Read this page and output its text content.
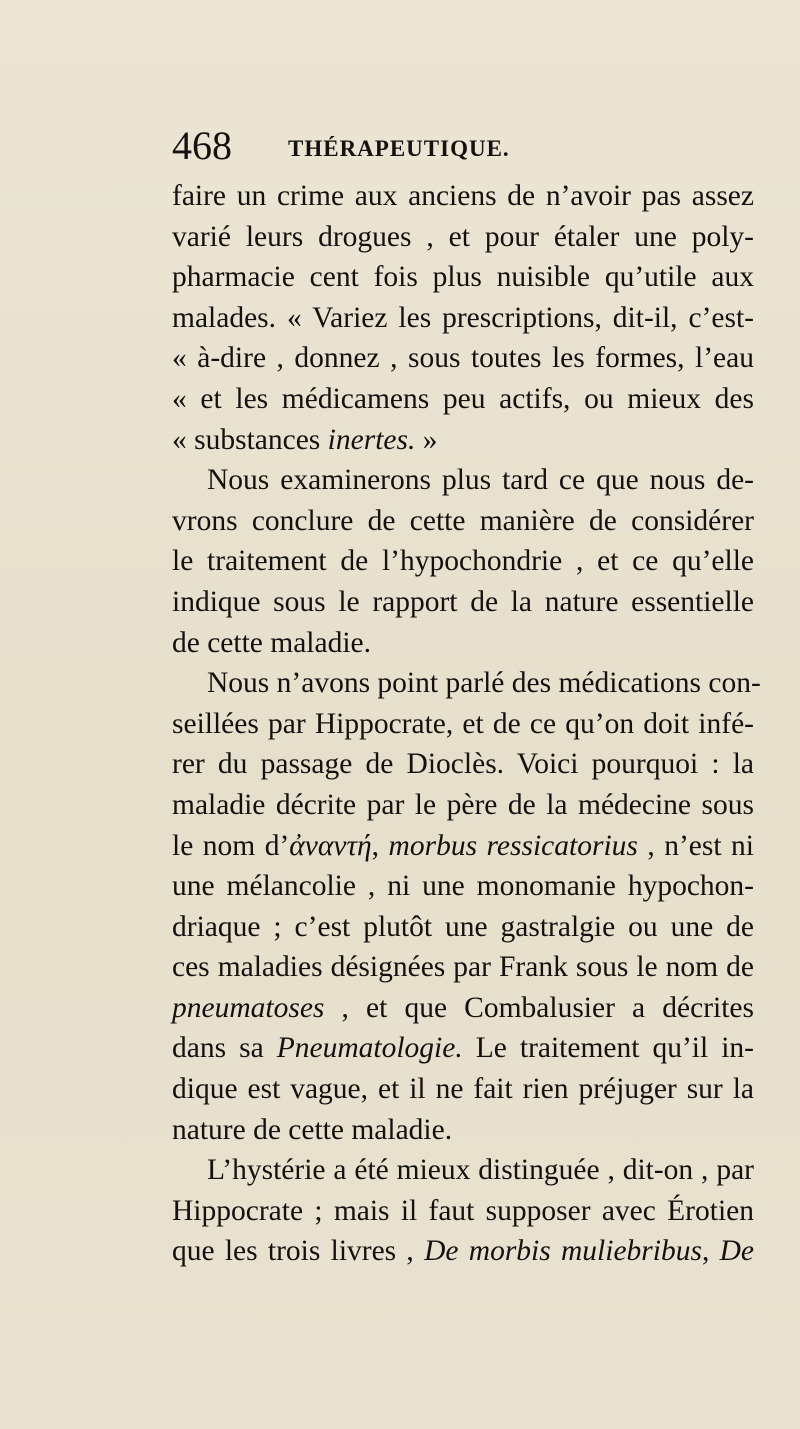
468 THÉRAPEUTIQUE.
faire un crime aux anciens de n’avoir pas assez
varié leurs drogues , et pour étaler une poly-
pharmacie cent fois plus nuisible qu’utile aux
malades. « Variez les prescriptions, dit-il, c’est-
« à-dire , donnez , sous toutes les formes, l’eau
« et les médicamens peu actifs, ou mieux des
« substances inertes. »
Nous examinerons plus tard ce que nous de-
vrons conclure de cette manière de considérer
le traitement de l’hypochondrie , et ce qu’elle
indique sous le rapport de la nature essentielle
de cette maladie.
Nous n’avons point parlé des médications con-
seillées par Hippocrate, et de ce qu’on doit infé-
rer du passage de Dioclès. Voici pourquoi : la
maladie décrite par le père de la médecine sous
le nom d’ἀναντή, morbus ressicatorius , n’est ni
une mélancolie , ni une monomanie hypochon-
driaque ; c’est plutôt une gastralgie ou une de
ces maladies désignées par Frank sous le nom de
pneumatoses , et que Combalusier a décrites
dans sa Pneumatologie. Le traitement qu’il in-
dique est vague, et il ne fait rien préjuger sur la
nature de cette maladie.
L’hystérie a été mieux distinguée , dit-on , par
Hippocrate ; mais il faut supposer avec Érotien
que les trois livres , De morbis muliebribus, De
